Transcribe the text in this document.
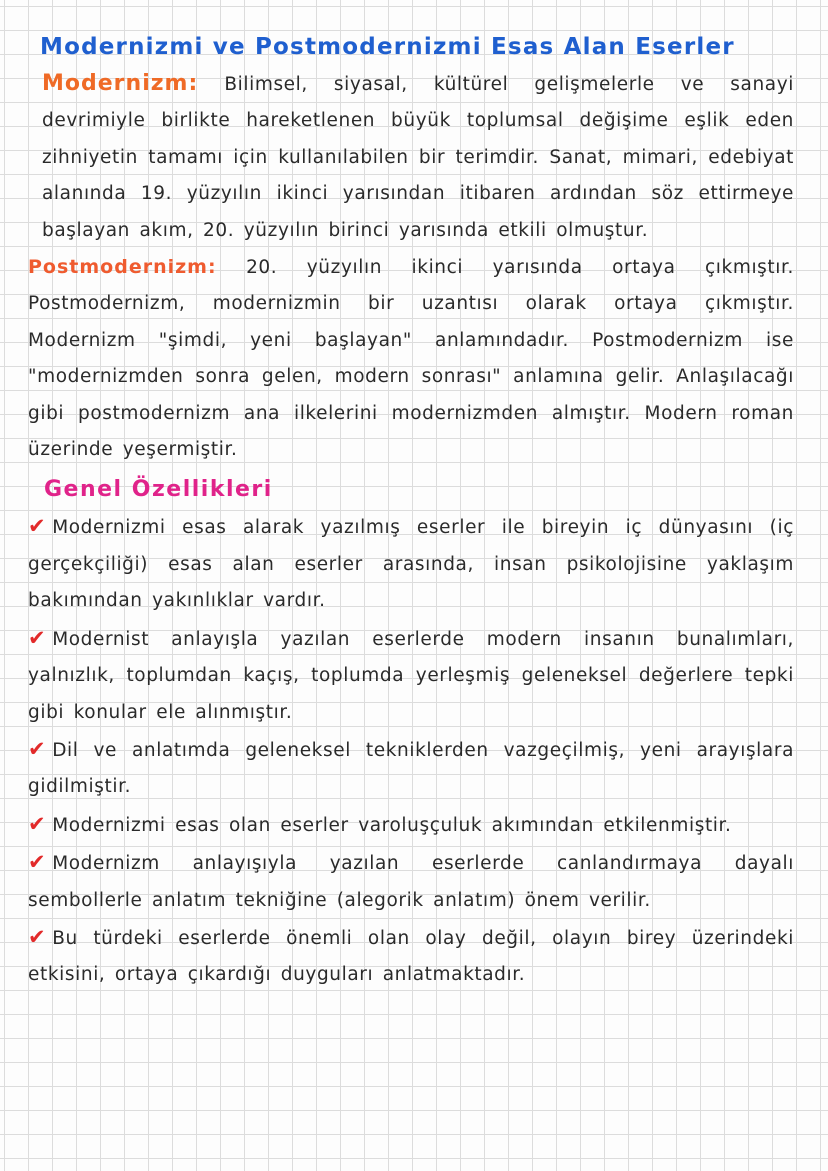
Modernizmi ve Postmodernizmi Esas Alan Eserler

Modernizm: Bilimsel, siyasal, kültürel gelişmelerle ve sanayi devrimiyle birlikte hareketlenen büyük toplumsal değişime eşlik eden zihniyetin tamamı için kullanılabilen bir terimdir. Sanat, mimari, edebiyat alanında 19. yüzyılın ikinci yarısından itibaren ardından söz ettirmeye başlayan akım, 20. yüzyılın birinci yarısında etkili olmuştur.

Postmodernizm: 20. yüzyılın ikinci yarısında ortaya çıkmıştır. Postmodernizm, modernizmin bir uzantısı olarak ortaya çıkmıştır. Modernizm "şimdi, yeni başlayan" anlamındadır. Postmodernizm ise "modernizmden sonra gelen, modern sonrası" anlamına gelir. Anlaşılacağı gibi postmodernizm ana ilkelerini modernizmden almıştır. Modern roman üzerinde yeşermiştir.

Genel Özellikleri
✔ Modernizmi esas alarak yazılmış eserler ile bireyin iç dünyasını (iç gerçekçiliği) esas alan eserler arasında, insan psikolojisine yaklaşım bakımından yakınlıklar vardır.
✔ Modernist anlayışla yazılan eserlerde modern insanın bunalımları, yalnızlık, toplumdan kaçış, toplumda yerleşmiş geleneksel değerlere tepki gibi konular ele alınmıştır.
✔ Dil ve anlatımda geleneksel tekniklerden vazgeçilmiş, yeni arayışlara gidilmiştir.
✔ Modernizmi esas olan eserler varoluşçuluk akımından etkilenmiştir.
✔ Modernizm anlayışıyla yazılan eserlerde canlandırmaya dayalı sembollerle anlatım tekniğine (alegorik anlatım) önem verilir.
✔ Bu türdeki eserlerde önemli olan olay değil, olayın birey üzerindeki etkisini, ortaya çıkardığı duyguları anlatmaktadır.
